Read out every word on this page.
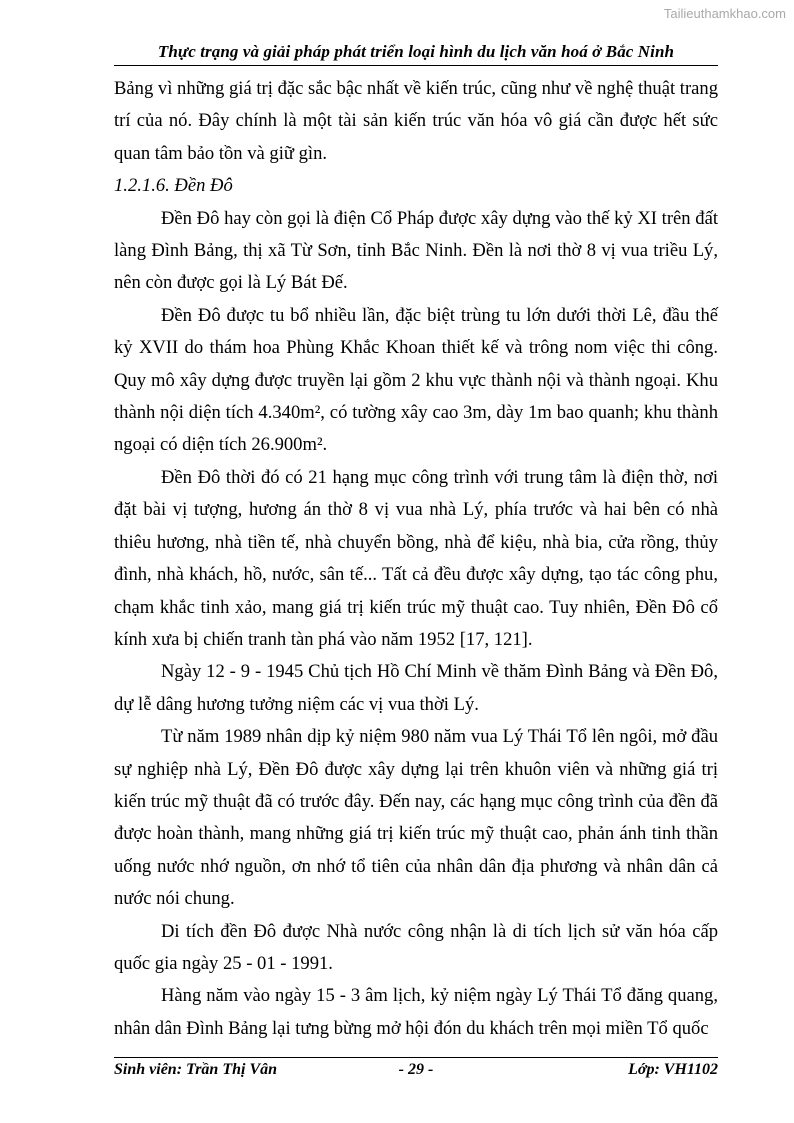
Tailieuthamkhao.com
Thực trạng và giải pháp phát triển loại hình du lịch văn hoá ở Bắc Ninh

Bảng vì những giá trị đặc sắc bậc nhất về kiến trúc, cũng như về nghệ thuật trang trí của nó. Đây chính là một tài sản kiến trúc văn hóa vô giá cần được hết sức quan tâm bảo tồn và giữ gìn.

1.2.1.6. Đền Đô

Đền Đô hay còn gọi là điện Cổ Pháp được xây dựng vào thế kỷ XI trên đất làng Đình Bảng, thị xã Từ Sơn, tỉnh Bắc Ninh. Đền là nơi thờ 8 vị vua triều Lý, nên còn được gọi là Lý Bát Đế.

Đền Đô được tu bổ nhiều lần, đặc biệt trùng tu lớn dưới thời Lê, đầu thế kỷ XVII do thám hoa Phùng Khắc Khoan thiết kế và trông nom việc thi công. Quy mô xây dựng được truyền lại gồm 2 khu vực thành nội và thành ngoại. Khu thành nội diện tích 4.340m², có tường xây cao 3m, dày 1m bao quanh; khu thành ngoại có diện tích 26.900m².

Đền Đô thời đó có 21 hạng mục công trình với trung tâm là điện thờ, nơi đặt bài vị tượng, hương án thờ 8 vị vua nhà Lý, phía trước và hai bên có nhà thiêu hương, nhà tiền tế, nhà chuyển bồng, nhà để kiệu, nhà bia, cửa rồng, thủy đình, nhà khách, hồ, nước, sân tế... Tất cả đều được xây dựng, tạo tác công phu, chạm khắc tinh xảo, mang giá trị kiến trúc mỹ thuật cao. Tuy nhiên, Đền Đô cổ kính xưa bị chiến tranh tàn phá vào năm 1952 [17, 121].

Ngày 12 - 9 - 1945 Chủ tịch Hồ Chí Minh về thăm Đình Bảng và Đền Đô, dự lễ dâng hương tưởng niệm các vị vua thời Lý.

Từ năm 1989 nhân dịp kỷ niệm 980 năm vua Lý Thái Tổ lên ngôi, mở đầu sự nghiệp nhà Lý, Đền Đô được xây dựng lại trên khuôn viên và những giá trị kiến trúc mỹ thuật đã có trước đây. Đến nay, các hạng mục công trình của đền đã được hoàn thành, mang những giá trị kiến trúc mỹ thuật cao, phản ánh tinh thần uống nước nhớ nguồn, ơn nhớ tổ tiên của nhân dân địa phương và nhân dân cả nước nói chung.

Di tích đền Đô được Nhà nước công nhận là di tích lịch sử văn hóa cấp quốc gia ngày 25 - 01 - 1991.

Hàng năm vào ngày 15 - 3 âm lịch, kỷ niệm ngày Lý Thái Tổ đăng quang, nhân dân Đình Bảng lại tưng bừng mở hội đón du khách trên mọi miền Tổ quốc

Sinh viên: Trần Thị Vân	- 29 -	Lớp: VH1102
